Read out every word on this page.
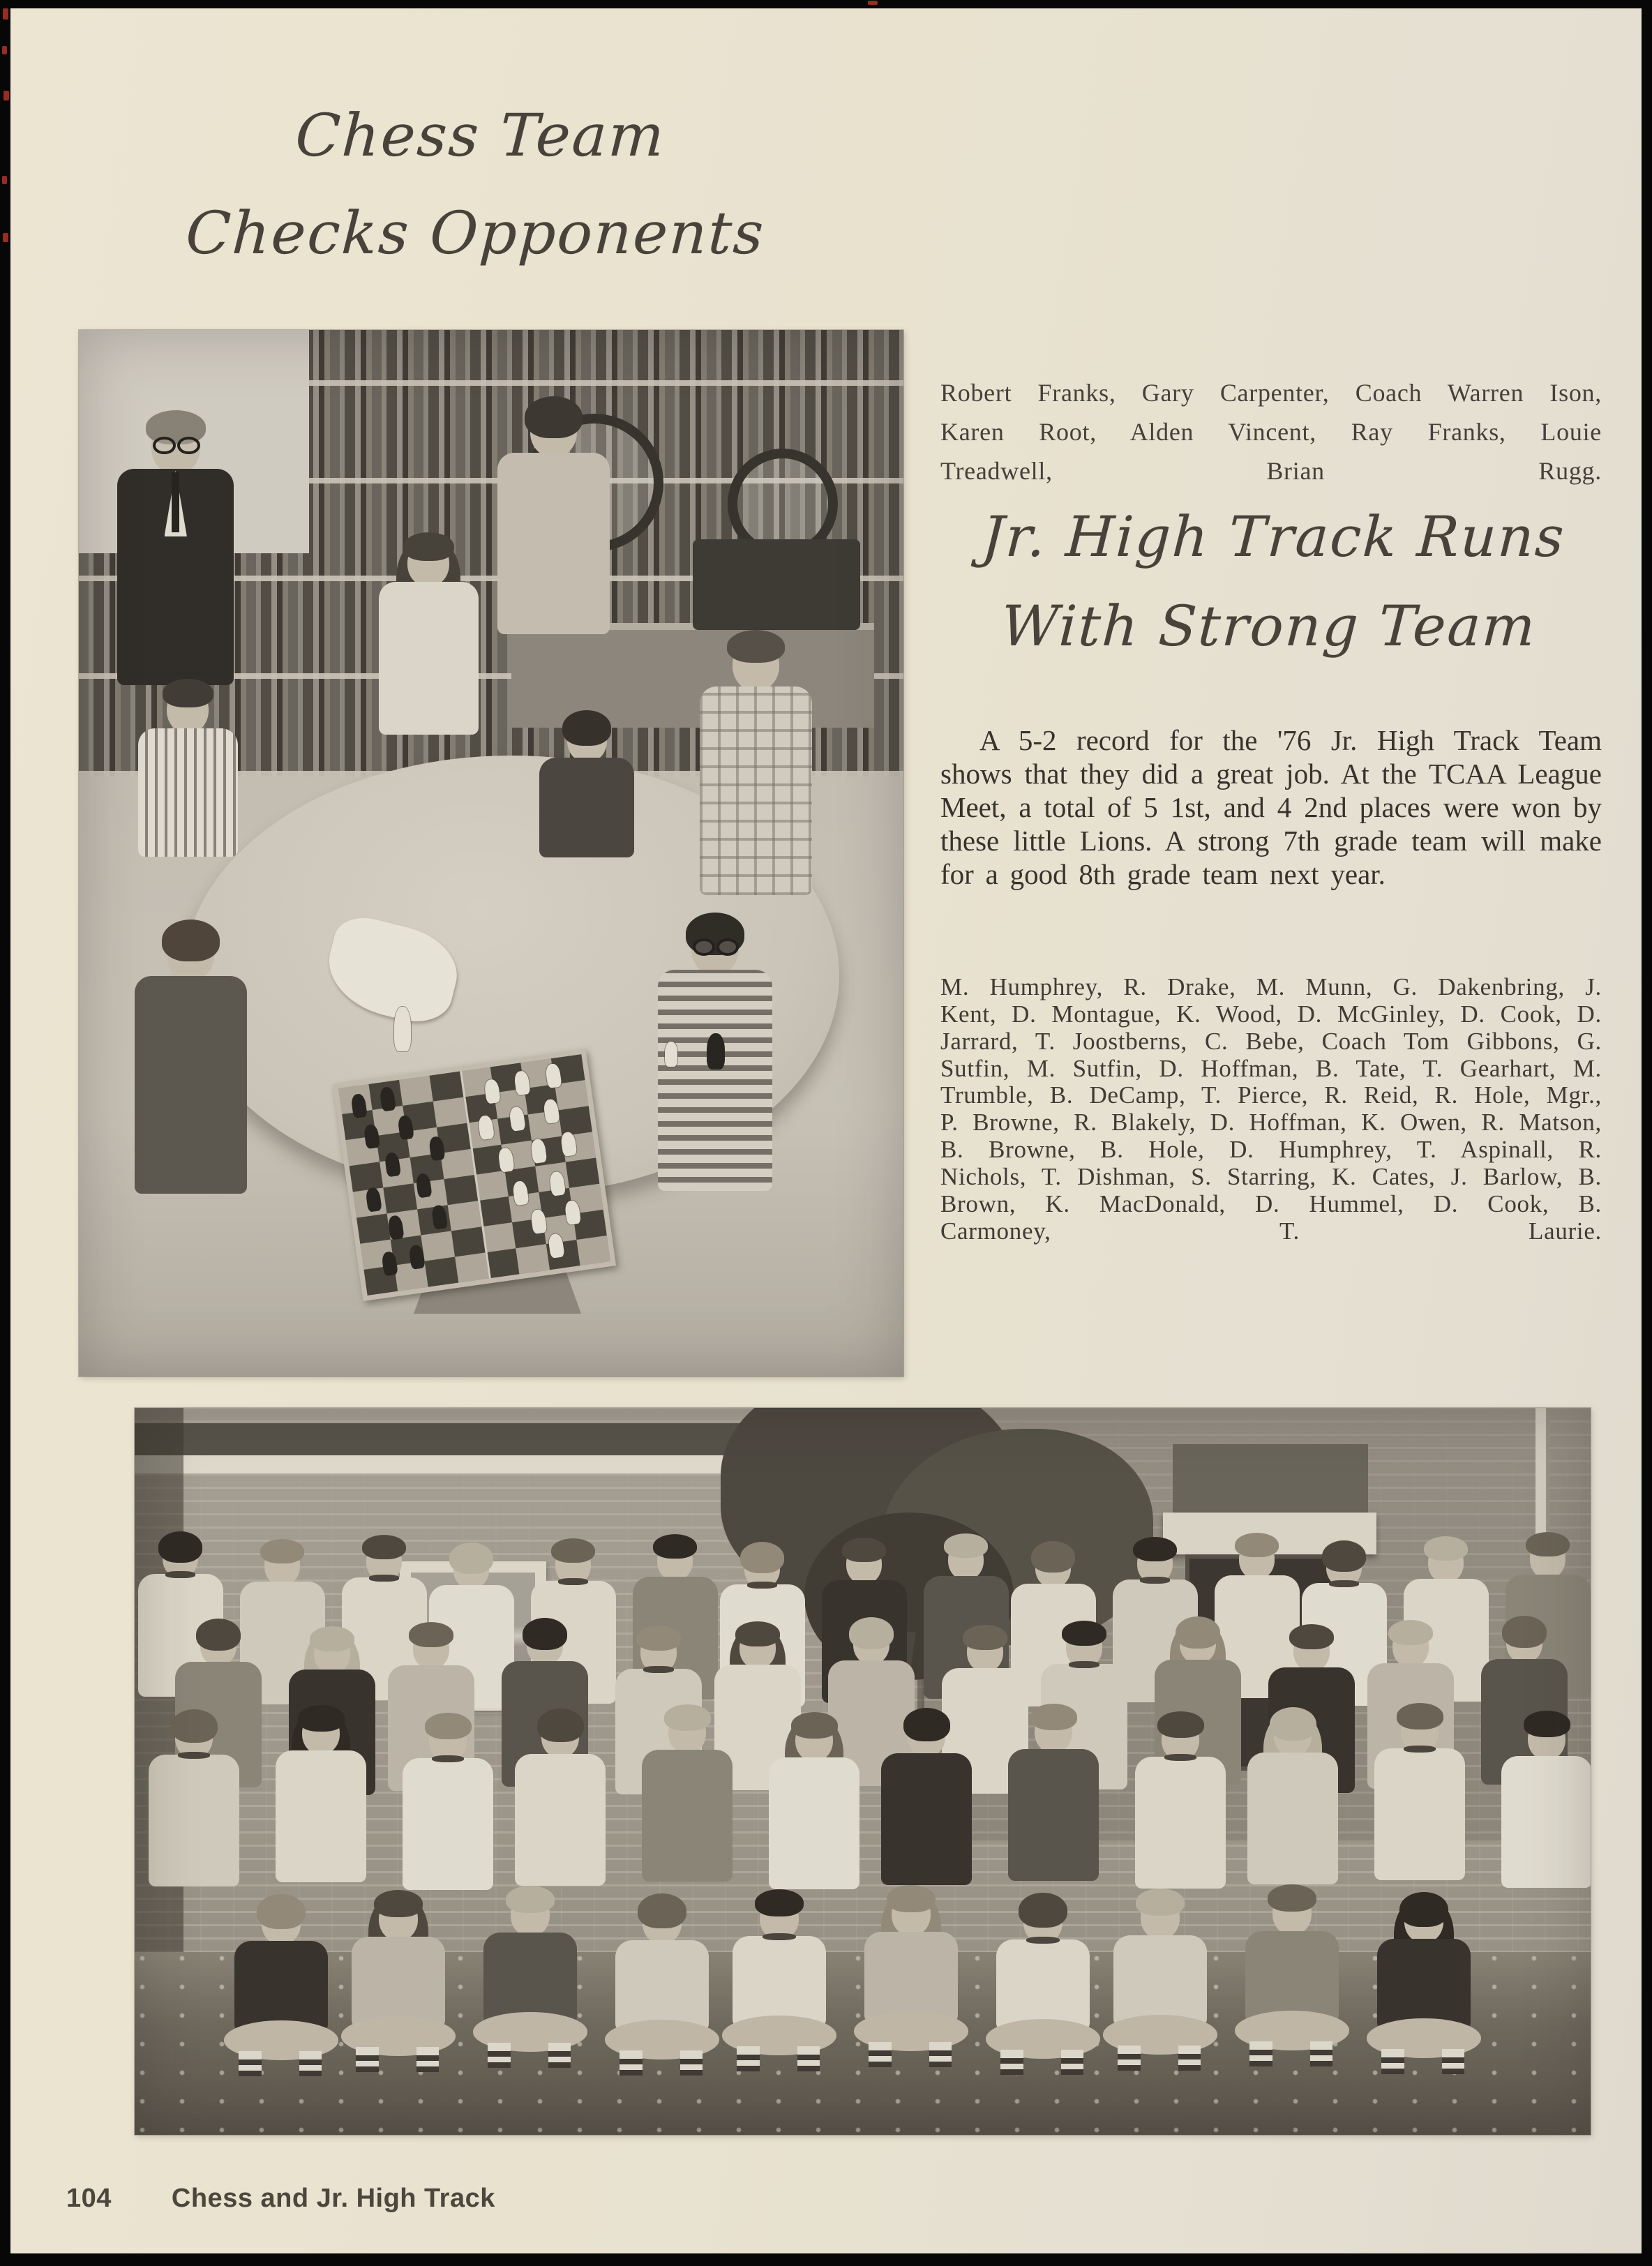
Chess Team
Checks Opponents

Robert Franks, Gary Carpenter, Coach Warren Ison, Karen Root, Alden Vincent, Ray Franks, Louie Treadwell, Brian Rugg.

Jr. High Track Runs
With Strong Team

A 5-2 record for the '76 Jr. High Track Team shows that they did a great job. At the TCAA League Meet, a total of 5 1st, and 4 2nd places were won by these little Lions. A strong 7th grade team will make for a good 8th grade team next year.

M. Humphrey, R. Drake, M. Munn, G. Dakenbring, J. Kent, D. Montague, K. Wood, D. McGinley, D. Cook, D. Jarrard, T. Joostberns, C. Bebe, Coach Tom Gibbons, G. Sutfin, M. Sutfin, D. Hoffman, B. Tate, T. Gearhart, M. Trumble, B. DeCamp, T. Pierce, R. Reid, R. Hole, Mgr., P. Browne, R. Blakely, D. Hoffman, K. Owen, R. Matson, B. Browne, B. Hole, D. Humphrey, T. Aspinall, R. Nichols, T. Dishman, S. Starring, K. Cates, J. Barlow, B. Brown, K. MacDonald, D. Hummel, D. Cook, B. Carmoney, T. Laurie.

104 Chess and Jr. High Track
